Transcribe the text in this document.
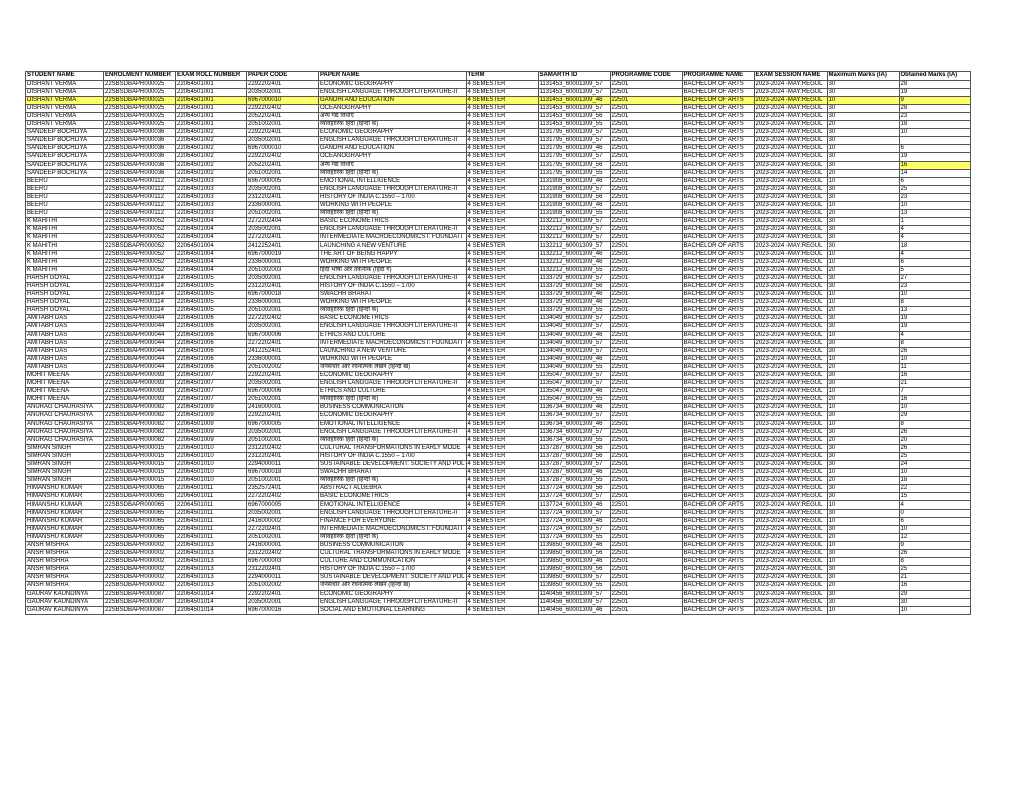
STUDENT NAME	ENROLMENT NUMBER	EXAM ROLL NUMBER	PAPER CODE	PAPER NAME	TERM	SAMARTH ID	PROGRAMME CODE	PROGRAMME NAME	EXAM SESSION NAME	Maximum Marks (IA)	Obtained Marks (IA)
DISHANT VERMA	22SBSDBAPR000025	22064501001	2292202401	ECONOMIC GEOGRAPHY	4 SEMESTER	1131453_60001309_57	22501	BACHELOR OF ARTS	2023-2024 -MAY:REGUL	30	28
DISHANT VERMA	22SBSDBAPR000025	22064501001	2035002001	ENGLISH LANGUAGE THROUGH LITERATURE-II	4 SEMESTER	1131453_60001309_57	22501	BACHELOR OF ARTS	2023-2024 -MAY:REGUL	30	19
DISHANT VERMA	22SBSDBAPR000025	22064501001	6967000010	GANDHI AND EDUCATION	4 SEMESTER	1131453_60001309_46	22501	BACHELOR OF ARTS	2023-2024 -MAY:REGUL	10	9
DISHANT VERMA	22SBSDBAPR000025	22064501001	2292202402	OCEANOGRAPHY	4 SEMESTER	1131453_60001309_57	22501	BACHELOR OF ARTS	2023-2024 -MAY:REGUL	30	28
DISHANT VERMA	22SBSDBAPR000025	22064501001	2052202401	अन्य गद्य विधाएँ	4 SEMESTER	1131453_60001309_56	22501	BACHELOR OF ARTS	2023-2024 -MAY:REGUL	30	23
DISHANT VERMA	22SBSDBAPR000025	22064501001	2051002001	व्यावहारिक हिंदी (हिन्दी क)	4 SEMESTER	1131453_60001309_55	22501	BACHELOR OF ARTS	2023-2024 -MAY:REGUL	20	18
SANDEEP BOCHLIYA	22SBSDBAPR000036	22064501002	2292202401	ECONOMIC GEOGRAPHY	4 SEMESTER	1131795_60001309_57	22501	BACHELOR OF ARTS	2023-2024 -MAY:REGUL	30	10
SANDEEP BOCHLIYA	22SBSDBAPR000036	22064501002	2035002001	ENGLISH LANGUAGE THROUGH LITERATURE-II	4 SEMESTER	1131795_60001309_57	22501	BACHELOR OF ARTS	2023-2024 -MAY:REGUL	30	
SANDEEP BOCHLIYA	22SBSDBAPR000036	22064501002	6967000010	GANDHI AND EDUCATION	4 SEMESTER	1131795_60001309_46	22501	BACHELOR OF ARTS	2023-2024 -MAY:REGUL	10	6
SANDEEP BOCHLIYA	22SBSDBAPR000036	22064501002	2292202402	OCEANOGRAPHY	4 SEMESTER	1131795_60001309_57	22501	BACHELOR OF ARTS	2023-2024 -MAY:REGUL	30	19
SANDEEP BOCHLIYA	22SBSDBAPR000036	22064501002	2052202401	अन्य गद्य विधाएँ	4 SEMESTER	1131795_60001309_56	22501	BACHELOR OF ARTS	2023-2024 -MAY:REGUL	30	16
SANDEEP BOCHLIYA	22SBSDBAPR000036	22064501002	2051002001	व्यावहारिक हिंदी (हिन्दी क)	4 SEMESTER	1131795_60001309_55	22501	BACHELOR OF ARTS	2023-2024 -MAY:REGUL	20	14
BEERU	22SBSDBAPR000112	22064501003	6967000005	EMOTIONAL INTELLIGENCE	4 SEMESTER	1131908_60001309_46	22501	BACHELOR OF ARTS	2023-2024 -MAY:REGUL	10	6
BEERU	22SBSDBAPR000112	22064501003	2035002001	ENGLISH LANGUAGE THROUGH LITERATURE-II	4 SEMESTER	1131908_60001309_57	22501	BACHELOR OF ARTS	2023-2024 -MAY:REGUL	30	25
BEERU	22SBSDBAPR000112	22064501003	2312202401	HISTORY OF INDIA C.1550 – 1700	4 SEMESTER	1131908_60001309_56	22501	BACHELOR OF ARTS	2023-2024 -MAY:REGUL	30	23
BEERU	22SBSDBAPR000112	22064501003	2336000001	WORKING WITH PEOPLE	4 SEMESTER	1131908_60001309_46	22501	BACHELOR OF ARTS	2023-2024 -MAY:REGUL	10	10
BEERU	22SBSDBAPR000112	22064501003	2051002001	व्यावहारिक हिंदी (हिन्दी क)	4 SEMESTER	1131908_60001309_55	22501	BACHELOR OF ARTS	2023-2024 -MAY:REGUL	20	13
K MAHITHI	22SBSDBAPR000052	22064501004	2272202404	BASIC ECONOMETRICS	4 SEMESTER	1132212_60001309_57	22501	BACHELOR OF ARTS	2023-2024 -MAY:REGUL	30	1
K MAHITHI	22SBSDBAPR000052	22064501004	2035002001	ENGLISH LANGUAGE THROUGH LITERATURE-II	4 SEMESTER	1132212_60001309_57	22501	BACHELOR OF ARTS	2023-2024 -MAY:REGUL	30	4
K MAHITHI	22SBSDBAPR000052	22064501004	2272202401	INTERMEDIATE MACROECONOMICS I: FOUNDATI	4 SEMESTER	1132212_60001309_57	22501	BACHELOR OF ARTS	2023-2024 -MAY:REGUL	30	4
K MAHITHI	22SBSDBAPR000052	22064501004	2412252401	LAUNCHING A NEW VENTURE	4 SEMESTER	1132212_60001309_57	22501	BACHELOR OF ARTS	2023-2024 -MAY:REGUL	30	18
K MAHITHI	22SBSDBAPR000052	22064501004	6967000019	THE ART OF BEING HAPPY	4 SEMESTER	1132212_60001309_46	22501	BACHELOR OF ARTS	2023-2024 -MAY:REGUL	10	4
K MAHITHI	22SBSDBAPR000052	22064501004	2336000001	WORKING WITH PEOPLE	4 SEMESTER	1132212_60001309_46	22501	BACHELOR OF ARTS	2023-2024 -MAY:REGUL	10	6
K MAHITHI	22SBSDBAPR000052	22064501004	2051002003	हिंदी भाषा और तकनीक (हिंदी ग)	4 SEMESTER	1132212_60001309_55	22501	BACHELOR OF ARTS	2023-2024 -MAY:REGUL	20	5
HARSH GOYAL	22SBSDBAPR000114	22064501005	2035002001	ENGLISH LANGUAGE THROUGH LITERATURE-II	4 SEMESTER	1133729_60001309_57	22501	BACHELOR OF ARTS	2023-2024 -MAY:REGUL	30	27
HARSH GOYAL	22SBSDBAPR000114	22064501005	2312202401	HISTORY OF INDIA C.1550 – 1700	4 SEMESTER	1133729_60001309_56	22501	BACHELOR OF ARTS	2023-2024 -MAY:REGUL	30	23
HARSH GOYAL	22SBSDBAPR000114	22064501005	6967000018	SWACHH BHARAT	4 SEMESTER	1133729_60001309_46	22501	BACHELOR OF ARTS	2023-2024 -MAY:REGUL	10	10
HARSH GOYAL	22SBSDBAPR000114	22064501005	2336000001	WORKING WITH PEOPLE	4 SEMESTER	1133729_60001309_46	22501	BACHELOR OF ARTS	2023-2024 -MAY:REGUL	10	8
HARSH GOYAL	22SBSDBAPR000114	22064501005	2051002001	व्यावहारिक हिंदी (हिन्दी क)	4 SEMESTER	1133729_60001309_55	22501	BACHELOR OF ARTS	2023-2024 -MAY:REGUL	20	13
AMITABH DAS	22SBSDBAPR000044	22064501006	2272202402	BASIC ECONOMETRICS	4 SEMESTER	1134049_60001309_57	22501	BACHELOR OF ARTS	2023-2024 -MAY:REGUL	30	19
AMITABH DAS	22SBSDBAPR000044	22064501006	2035002001	ENGLISH LANGUAGE THROUGH LITERATURE-II	4 SEMESTER	1134049_60001309_57	22501	BACHELOR OF ARTS	2023-2024 -MAY:REGUL	30	19
AMITABH DAS	22SBSDBAPR000044	22064501006	6967000006	ETHICS AND CULTURE	4 SEMESTER	1134049_60001309_46	22501	BACHELOR OF ARTS	2023-2024 -MAY:REGUL	10	4
AMITABH DAS	22SBSDBAPR000044	22064501006	2272202401	INTERMEDIATE MACROECONOMICS I: FOUNDATI	4 SEMESTER	1134049_60001309_57	22501	BACHELOR OF ARTS	2023-2024 -MAY:REGUL	30	8
AMITABH DAS	22SBSDBAPR000044	22064501006	2412252401	LAUNCHING A NEW VENTURE	4 SEMESTER	1134049_60001309_57	22501	BACHELOR OF ARTS	2023-2024 -MAY:REGUL	30	26
AMITABH DAS	22SBSDBAPR000044	22064501006	2336000001	WORKING WITH PEOPLE	4 SEMESTER	1134049_60001309_46	22501	BACHELOR OF ARTS	2023-2024 -MAY:REGUL	10	10
AMITABH DAS	22SBSDBAPR000044	22064501006	2051002002	जनसंचार और रचनात्मक लेखन (हिन्दी ख)	4 SEMESTER	1134049_60001309_55	22501	BACHELOR OF ARTS	2023-2024 -MAY:REGUL	20	11
MOHIT MEENA	22SBSDBAPR000093	22064501007	2292202401	ECONOMIC GEOGRAPHY	4 SEMESTER	1135047_60001309_57	22501	BACHELOR OF ARTS	2023-2024 -MAY:REGUL	30	16
MOHIT MEENA	22SBSDBAPR000093	22064501007	2035002001	ENGLISH LANGUAGE THROUGH LITERATURE-II	4 SEMESTER	1135047_60001309_57	22501	BACHELOR OF ARTS	2023-2024 -MAY:REGUL	30	21
MOHIT MEENA	22SBSDBAPR000093	22064501007	6967000006	ETHICS AND CULTURE	4 SEMESTER	1135047_60001309_46	22501	BACHELOR OF ARTS	2023-2024 -MAY:REGUL	10	7
MOHIT MEENA	22SBSDBAPR000093	22064501007	2051002001	व्यावहारिक हिंदी (हिन्दी क)	4 SEMESTER	1135047_60001309_55	22501	BACHELOR OF ARTS	2023-2024 -MAY:REGUL	20	16
ANURAG CHAURASIYA	22SBSDBAPR000082	22064501009	2416000001	BUSINESS COMMUNICATION	4 SEMESTER	1136734_60001309_46	22501	BACHELOR OF ARTS	2023-2024 -MAY:REGUL	10	10
ANURAG CHAURASIYA	22SBSDBAPR000082	22064501009	2292202401	ECONOMIC GEOGRAPHY	4 SEMESTER	1136734_60001309_57	22501	BACHELOR OF ARTS	2023-2024 -MAY:REGUL	30	29
ANURAG CHAURASIYA	22SBSDBAPR000082	22064501009	6967000005	EMOTIONAL INTELLIGENCE	4 SEMESTER	1136734_60001309_46	22501	BACHELOR OF ARTS	2023-2024 -MAY:REGUL	10	8
ANURAG CHAURASIYA	22SBSDBAPR000082	22064501009	2035002001	ENGLISH LANGUAGE THROUGH LITERATURE-II	4 SEMESTER	1136734_60001309_57	22501	BACHELOR OF ARTS	2023-2024 -MAY:REGUL	30	26
ANURAG CHAURASIYA	22SBSDBAPR000082	22064501009	2051002001	व्यावहारिक हिंदी (हिन्दी क)	4 SEMESTER	1136734_60001309_55	22501	BACHELOR OF ARTS	2023-2024 -MAY:REGUL	20	20
SIMRAN SINGH	22SBSDBAPR000015	22064501010	2312202402	CULTURAL TRANSFORMATIONS IN EARLY MODE	4 SEMESTER	1137287_60001309_56	22501	BACHELOR OF ARTS	2023-2024 -MAY:REGUL	30	26
SIMRAN SINGH	22SBSDBAPR000015	22064501010	2312202401	HISTORY OF INDIA C.1550 – 1700	4 SEMESTER	1137287_60001309_56	22501	BACHELOR OF ARTS	2023-2024 -MAY:REGUL	30	25
SIMRAN SINGH	22SBSDBAPR000015	22064501010	2294000011	SUSTAINABLE DEVELOPMENT: SOCIETY AND POL	4 SEMESTER	1137287_60001309_57	22501	BACHELOR OF ARTS	2023-2024 -MAY:REGUL	30	24
SIMRAN SINGH	22SBSDBAPR000015	22064501010	6967000018	SWACHH BHARAT	4 SEMESTER	1137287_60001309_46	22501	BACHELOR OF ARTS	2023-2024 -MAY:REGUL	10	10
SIMRAN SINGH	22SBSDBAPR000015	22064501010	2051002001	व्यावहारिक हिंदी (हिन्दी क)	4 SEMESTER	1137287_60001309_55	22501	BACHELOR OF ARTS	2023-2024 -MAY:REGUL	20	18
HIMANSHU KUMAR	22SBSDBAPR000065	22064501011	2352572401	ABSTRACT ALGEBRA	4 SEMESTER	1137724_60001309_56	22501	BACHELOR OF ARTS	2023-2024 -MAY:REGUL	30	22
HIMANSHU KUMAR	22SBSDBAPR000065	22064501011	2272202402	BASIC ECONOMETRICS	4 SEMESTER	1137724_60001309_57	22501	BACHELOR OF ARTS	2023-2024 -MAY:REGUL	30	15
HIMANSHU KUMAR	22SBSDBAPR000065	22064501011	6967000005	EMOTIONAL INTELLIGENCE	4 SEMESTER	1137724_60001309_46	22501	BACHELOR OF ARTS	2023-2024 -MAY:REGUL	10	4
HIMANSHU KUMAR	22SBSDBAPR000065	22064501011	2035002001	ENGLISH LANGUAGE THROUGH LITERATURE-II	4 SEMESTER	1137724_60001309_57	22501	BACHELOR OF ARTS	2023-2024 -MAY:REGUL	30	0
HIMANSHU KUMAR	22SBSDBAPR000065	22064501011	2416000002	FINANCE FOR EVERYONE	4 SEMESTER	1137724_60001309_46	22501	BACHELOR OF ARTS	2023-2024 -MAY:REGUL	10	6
HIMANSHU KUMAR	22SBSDBAPR000065	22064501011	2272202401	INTERMEDIATE MACROECONOMICS I: FOUNDATI	4 SEMESTER	1137724_60001309_57	22501	BACHELOR OF ARTS	2023-2024 -MAY:REGUL	30	10
HIMANSHU KUMAR	22SBSDBAPR000065	22064501011	2051002001	व्यावहारिक हिंदी (हिन्दी क)	4 SEMESTER	1137724_60001309_55	22501	BACHELOR OF ARTS	2023-2024 -MAY:REGUL	20	12
ANSH MISHRA	22SBSDBAPR000002	22064501013	2416000001	BUSINESS COMMUNICATION	4 SEMESTER	1139850_60001309_46	22501	BACHELOR OF ARTS	2023-2024 -MAY:REGUL	10	9
ANSH MISHRA	22SBSDBAPR000002	22064501013	2312202402	CULTURAL TRANSFORMATIONS IN EARLY MODE	4 SEMESTER	1139850_60001309_56	22501	BACHELOR OF ARTS	2023-2024 -MAY:REGUL	30	26
ANSH MISHRA	22SBSDBAPR000002	22064501013	6967000003	CULTURE AND COMMUNICATION	4 SEMESTER	1139850_60001309_46	22501	BACHELOR OF ARTS	2023-2024 -MAY:REGUL	10	8
ANSH MISHRA	22SBSDBAPR000002	22064501013	2312202401	HISTORY OF INDIA C.1550 – 1700	4 SEMESTER	1139850_60001309_56	22501	BACHELOR OF ARTS	2023-2024 -MAY:REGUL	30	25
ANSH MISHRA	22SBSDBAPR000002	22064501013	2294000011	SUSTAINABLE DEVELOPMENT: SOCIETY AND POL	4 SEMESTER	1139850_60001309_57	22501	BACHELOR OF ARTS	2023-2024 -MAY:REGUL	30	21
ANSH MISHRA	22SBSDBAPR000002	22064501013	2051002002	जनसंचार और रचनात्मक लेखन (हिन्दी ख)	4 SEMESTER	1139850_60001309_55	22501	BACHELOR OF ARTS	2023-2024 -MAY:REGUL	20	16
GAURAV KAUNDINYA	22SBSDBAPR000087	22064501014	2292202401	ECONOMIC GEOGRAPHY	4 SEMESTER	1140456_60001309_57	22501	BACHELOR OF ARTS	2023-2024 -MAY:REGUL	30	29
GAURAV KAUNDINYA	22SBSDBAPR000087	22064501014	2035002001	ENGLISH LANGUAGE THROUGH LITERATURE-II	4 SEMESTER	1140456_60001309_57	22501	BACHELOR OF ARTS	2023-2024 -MAY:REGUL	30	30
GAURAV KAUNDINYA	22SBSDBAPR000087	22064501014	6967000016	SOCIAL AND EMOTIONAL LEARNING	4 SEMESTER	1140456_60001309_46	22501	BACHELOR OF ARTS	2023-2024 -MAY:REGUL	10	10
